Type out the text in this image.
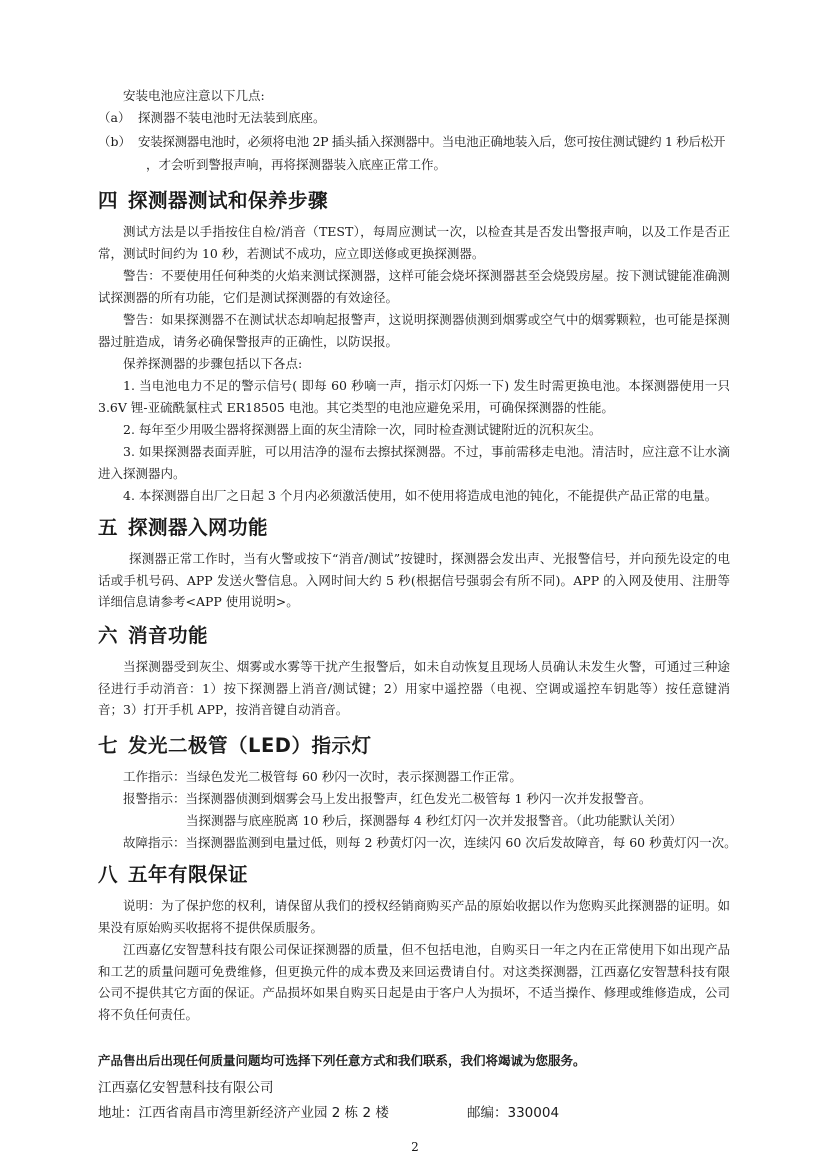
安装电池应注意以下几点:

（a） 探测器不装电池时无法装到底座。
（b） 安装探测器电池时，必须将电池 2P 插头插入探测器中。当电池正确地装入后，您可按住测试键约 1 秒后松开
，才会听到警报声响，再将探测器装入底座正常工作。
四 探测器测试和保养步骤

测试方法是以手指按住自检/消音（TEST），每周应测试一次，以检查其是否发出警报声响，以及工作是否正常，测试时间约为 10 秒，若测试不成功，应立即送修或更换探测器。

警告：不要使用任何种类的火焰来测试探测器，这样可能会烧坏探测器甚至会烧毁房屋。按下测试键能准确测试探测器的所有功能，它们是测试探测器的有效途径。

警告：如果探测器不在测试状态却响起报警声，这说明探测器侦测到烟雾或空气中的烟雾颗粒，也可能是探测器过脏造成，请务必确保警报声的正确性，以防误报。

保养探测器的步骤包括以下各点:

1. 当电池电力不足的警示信号( 即每 60 秒嘀一声，指示灯闪烁一下) 发生时需更换电池。本探测器使用一只 3.6V 锂-亚硫酰氯柱式 ER18505 电池。其它类型的电池应避免采用，可确保探测器的性能。

2. 每年至少用吸尘器将探测器上面的灰尘清除一次，同时检查测试键附近的沉积灰尘。

3. 如果探测器表面弄脏，可以用洁净的湿布去擦拭探测器。不过，事前需移走电池。清洁时，应注意不让水滴进入探测器内。

4. 本探测器自出厂之日起 3 个月内必须激活使用，如不使用将造成电池的钝化，不能提供产品正常的电量。

五 探测器入网功能

探测器正常工作时，当有火警或按下“消音/测试”按键时，探测器会发出声、光报警信号，并向预先设定的电话或手机号码、APP 发送火警信息。入网时间大约 5 秒(根据信号强弱会有所不同)。APP 的入网及使用、注册等详细信息请参考<APP 使用说明>。

六 消音功能

当探测器受到灰尘、烟雾或水雾等干扰产生报警后，如未自动恢复且现场人员确认未发生火警，可通过三种途径进行手动消音：1）按下探测器上消音/测试键；2）用家中遥控器（电视、空调或遥控车钥匙等）按任意键消音；3）打开手机 APP，按消音键自动消音。

七 发光二极管（LED）指示灯

工作指示：当绿色发光二极管每 60 秒闪一次时，表示探测器工作正常。

报警指示：当探测器侦测到烟雾会马上发出报警声，红色发光二极管每 1 秒闪一次并发报警音。

当探测器与底座脱离 10 秒后，探测器每 4 秒红灯闪一次并发报警音。（此功能默认关闭）

故障指示：当探测器监测到电量过低，则每 2 秒黄灯闪一次，连续闪 60 次后发故障音，每 60 秒黄灯闪一次。

八 五年有限保证

说明：为了保护您的权利，请保留从我们的授权经销商购买产品的原始收据以作为您购买此探测器的证明。如果没有原始购买收据将不提供保质服务。

江西嘉亿安智慧科技有限公司保证探测器的质量，但不包括电池，自购买日一年之内在正常使用下如出现产品和工艺的质量问题可免费维修，但更换元件的成本费及来回运费请自付。对这类探测器，江西嘉亿安智慧科技有限公司不提供其它方面的保证。产品损坏如果自购买日起是由于客户人为损坏，不适当操作、修理或维修造成，公司将不负任何责任。

产品售出后出现任何质量问题均可选择下列任意方式和我们联系，我们将竭诚为您服务。

江西嘉亿安智慧科技有限公司

地址：江西省南昌市湾里新经济产业园 2 栋 2 楼	邮编：330004

2
